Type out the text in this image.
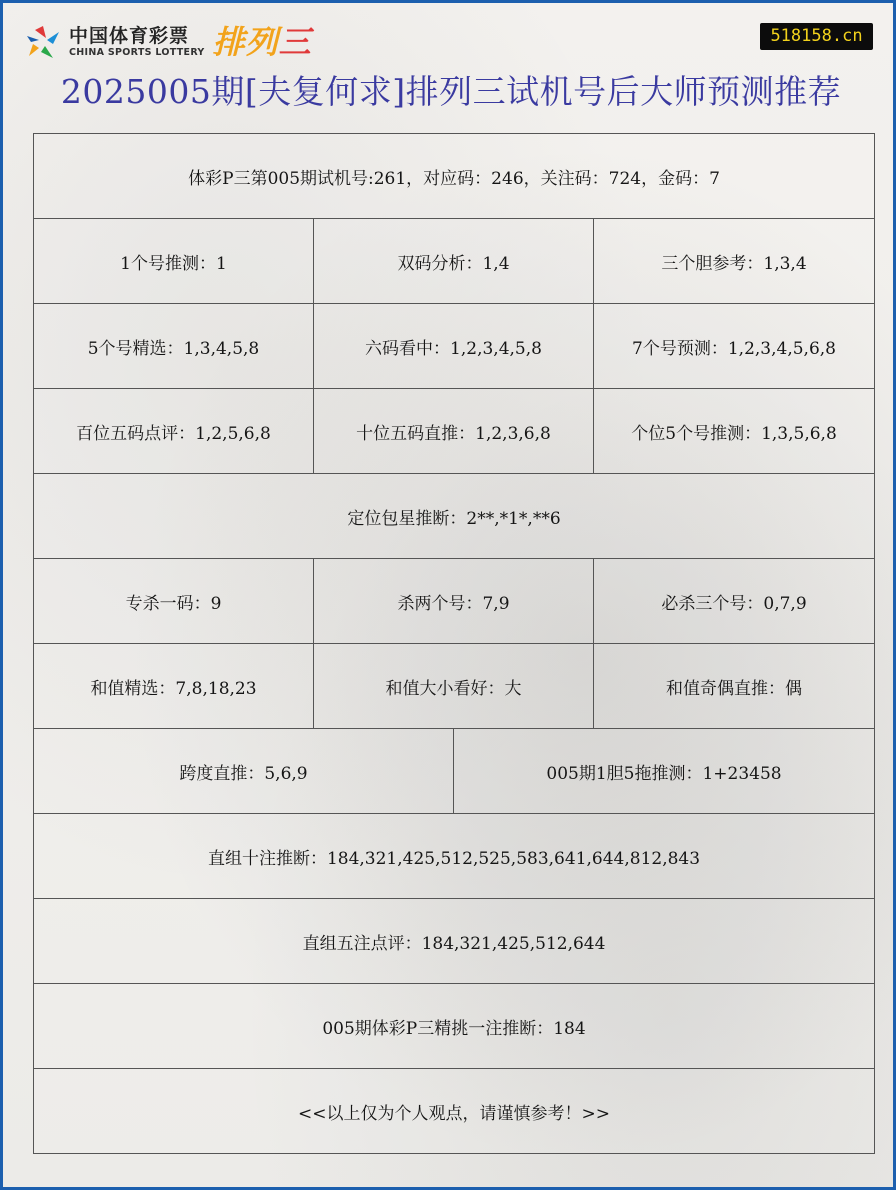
中国体育彩票
CHINA SPORTS LOTTERY 排列三	518158.cn
2025005期[夫复何求]排列三试机号后大师预测推荐
体彩P三第005期试机号:261，对应码：246，关注码：724，金码：7			
1个号推测：1	双码分析：1,4		三个胆参考：1,3,4
5个号精选：1,3,4,5,8	六码看中：1,2,3,4,5,8		7个号预测：1,2,3,4,5,6,8
百位五码点评：1,2,5,6,8	十位五码直推：1,2,3,6,8		个位5个号推测：1,3,5,6,8
定位包星推断：2**,*1*,**6			
专杀一码：9	杀两个号：7,9		必杀三个号：0,7,9
和值精选：7,8,18,23	和值大小看好：大		和值奇偶直推：偶
跨度直推：5,6,9		005期1胆5拖推测：1+23458	
直组十注推断：184,321,425,512,525,583,641,644,812,843			
直组五注点评：184,321,425,512,644			
005期体彩P三精挑一注推断：184			
<<以上仅为个人观点，请谨慎参考！>>			
